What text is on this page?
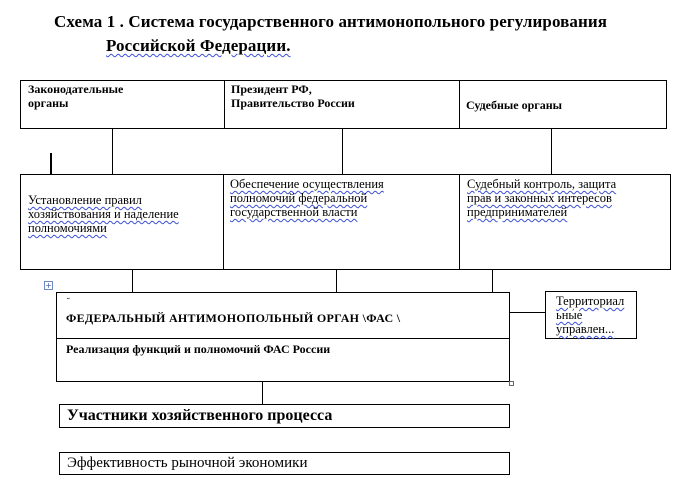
Схема 1 . Система государственного антимонопольного регулирования
Российской Федерации.
Законодательные
органы
Президент РФ,
Правительство России	Судебные органы
Установление правил
хозяйствования и наделение
полномочиями
Обеспечение осуществления
полномочий федеральной
государственной власти
Судебный контроль, защита
прав и законных интересов
предпринимателей
+
˘
ФЕДЕРАЛЬНЫЙ АНТИМОНОПОЛЬНЫЙ ОРГАН \ФАС \
Реализация функций и полномочий ФАС России
Территориал
ьные
управлен...
Участники хозяйственного процесса
Эффективность рыночной экономики
